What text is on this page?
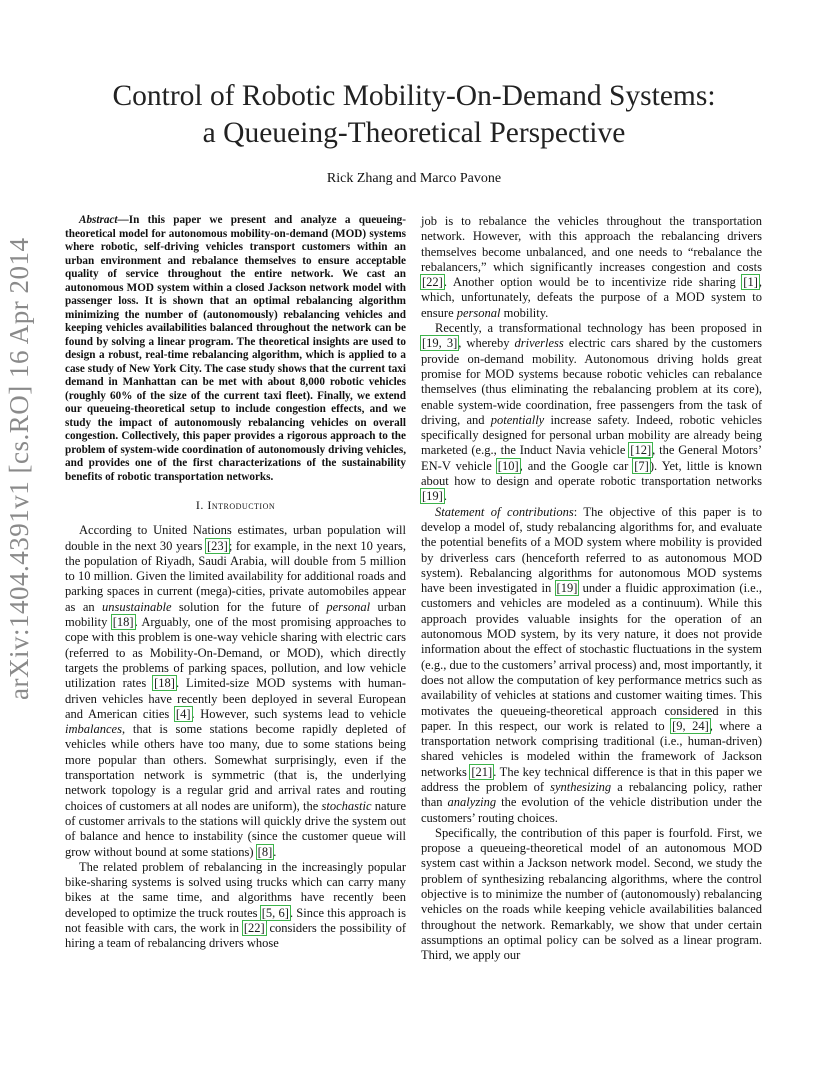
Control of Robotic Mobility-On-Demand Systems:
a Queueing-Theoretical Perspective
Rick Zhang and Marco Pavone
arXiv:1404.4391v1 [cs.RO] 16 Apr 2014

Abstract—In this paper we present and analyze a queueing-theoretical model for autonomous mobility-on-demand (MOD) systems where robotic, self-driving vehicles transport customers within an urban environment and rebalance themselves to ensure acceptable quality of service throughout the entire network. We cast an autonomous MOD system within a closed Jackson network model with passenger loss. It is shown that an optimal rebalancing algorithm minimizing the number of (autonomously) rebalancing vehicles and keeping vehicles availabilities balanced throughout the network can be found by solving a linear program. The theoretical insights are used to design a robust, real-time rebalancing algorithm, which is applied to a case study of New York City. The case study shows that the current taxi demand in Manhattan can be met with about 8,000 robotic vehicles (roughly 60% of the size of the current taxi fleet). Finally, we extend our queueing-theoretical setup to include congestion effects, and we study the impact of autonomously rebalancing vehicles on overall congestion. Collectively, this paper provides a rigorous approach to the problem of system-wide coordination of autonomously driving vehicles, and provides one of the first characterizations of the sustainability benefits of robotic transportation networks.

I. Introduction

According to United Nations estimates, urban population will double in the next 30 years [23]; for example, in the next 10 years, the population of Riyadh, Saudi Arabia, will double from 5 million to 10 million. Given the limited availability for additional roads and parking spaces in current (mega)-cities, private automobiles appear as an unsustainable solution for the future of personal urban mobility [18]. Arguably, one of the most promising approaches to cope with this problem is one-way vehicle sharing with electric cars (referred to as Mobility-On-Demand, or MOD), which directly targets the problems of parking spaces, pollution, and low vehicle utilization rates [18]. Limited-size MOD systems with human-driven vehicles have recently been deployed in several European and American cities [4]. However, such systems lead to vehicle imbalances, that is some stations become rapidly depleted of vehicles while others have too many, due to some stations being more popular than others. Somewhat surprisingly, even if the transportation network is symmetric (that is, the underlying network topology is a regular grid and arrival rates and routing choices of customers at all nodes are uniform), the stochastic nature of customer arrivals to the stations will quickly drive the system out of balance and hence to instability (since the customer queue will grow without bound at some stations) [8].

The related problem of rebalancing in the increasingly popular bike-sharing systems is solved using trucks which can carry many bikes at the same time, and algorithms have recently been developed to optimize the truck routes [5, 6]. Since this approach is not feasible with cars, the work in [22] considers the possibility of hiring a team of rebalancing drivers whose

job is to rebalance the vehicles throughout the transportation network. However, with this approach the rebalancing drivers themselves become unbalanced, and one needs to “rebalance the rebalancers,” which significantly increases congestion and costs [22]. Another option would be to incentivize ride sharing [1], which, unfortunately, defeats the purpose of a MOD system to ensure personal mobility.

Recently, a transformational technology has been proposed in [19, 3], whereby driverless electric cars shared by the customers provide on-demand mobility. Autonomous driving holds great promise for MOD systems because robotic vehicles can rebalance themselves (thus eliminating the rebalancing problem at its core), enable system-wide coordination, free passengers from the task of driving, and potentially increase safety. Indeed, robotic vehicles specifically designed for personal urban mobility are already being marketed (e.g., the Induct Navia vehicle [12], the General Motors’ EN-V vehicle [10], and the Google car [7]). Yet, little is known about how to design and operate robotic transportation networks [19].

Statement of contributions: The objective of this paper is to develop a model of, study rebalancing algorithms for, and evaluate the potential benefits of a MOD system where mobility is provided by driverless cars (henceforth referred to as autonomous MOD system). Rebalancing algorithms for autonomous MOD systems have been investigated in [19] under a fluidic approximation (i.e., customers and vehicles are modeled as a continuum). While this approach provides valuable insights for the operation of an autonomous MOD system, by its very nature, it does not provide information about the effect of stochastic fluctuations in the system (e.g., due to the customers’ arrival process) and, most importantly, it does not allow the computation of key performance metrics such as availability of vehicles at stations and customer waiting times. This motivates the queueing-theoretical approach considered in this paper. In this respect, our work is related to [9, 24], where a transportation network comprising traditional (i.e., human-driven) shared vehicles is modeled within the framework of Jackson networks [21]. The key technical difference is that in this paper we address the problem of synthesizing a rebalancing policy, rather than analyzing the evolution of the vehicle distribution under the customers’ routing choices.

Specifically, the contribution of this paper is fourfold. First, we propose a queueing-theoretical model of an autonomous MOD system cast within a Jackson network model. Second, we study the problem of synthesizing rebalancing algorithms, where the control objective is to minimize the number of (autonomously) rebalancing vehicles on the roads while keeping vehicle availabilities balanced throughout the network. Remarkably, we show that under certain assumptions an optimal policy can be solved as a linear program. Third, we apply our
